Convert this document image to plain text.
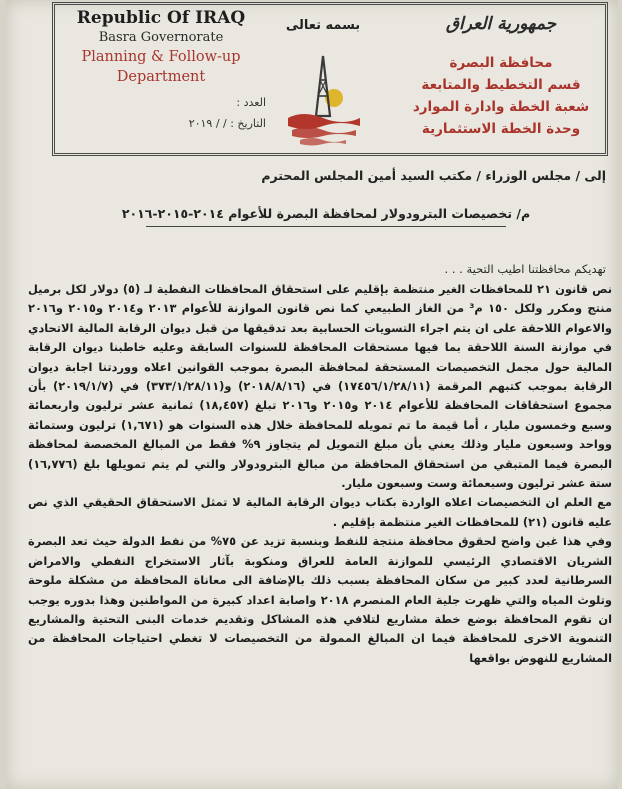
Republic Of IRAQ
Basra Governorate
Planning & Follow-up Department
العدد :
التاريخ : / / ٢٠١٩
بسمه تعالى	جمهورية العراق
محافظة البصرة
قسم التخطيط والمتابعة
شعبة الخطة وادارة الموارد
وحدة الخطة الاستثمارية
إلى / مجلس الوزراء / مكتب السيد أمين المجلس المحترم
م/ تخصيصات البترودولار لمحافظة البصرة للأعوام ٢٠١٤-٢٠١٥-٢٠١٦
تهديكم محافظتنا اطيب التحية . . .

نص قانون ٢١ للمحافظات الغير منتظمة بإقليم على استحقاق المحافظات النفطية لـ (٥) دولار لكل برميل منتج ومكرر ولكل ١٥٠ م³ من الغاز الطبيعي كما نص قانون الموازنة للأعوام ٢٠١٣ و٢٠١٤ و٢٠١٥ و٢٠١٦ والاعوام اللاحقة على ان يتم اجراء التسويات الحسابية بعد تدقيقها من قبل ديوان الرقابة المالية الاتحادي في موازنة السنة اللاحقة بما فيها مستحقات المحافظة للسنوات السابقة وعليه خاطبنا ديوان الرقابة المالية حول مجمل التخصيصات المستحقة لمحافظة البصرة بموجب القوانين اعلاه ووردتنا اجابة ديوان الرقابة بموجب كتبهم المرقمة (١٧٤٥٦/١/٢٨/١١) في (٢٠١٨/٨/١٦) و(٣٧٣/١/٢٨/١١) في (٢٠١٩/١/٧) بأن مجموع استحقاقات المحافظة للأعوام ٢٠١٤ و٢٠١٥ و٢٠١٦ تبلغ (١٨,٤٥٧) ثمانية عشر ترليون واربعمائة وسبع وخمسون مليار ، أما قيمة ما تم تمويله للمحافظة خلال هذه السنوات هو (١,٦٧١) ترليون وستمائة وواحد وسبعون مليار وذلك يعني بأن مبلغ التمويل لم يتجاوز ٩% فقط من المبالغ المخصصة لمحافظة البصرة فيما المتبقي من استحقاق المحافظة من مبالغ البترودولار والتي لم يتم تمويلها بلغ (١٦,٧٧٦) ستة عشر ترليون وسبعمائة وست وسبعون مليار.

مع العلم ان التخصيصات اعلاه الواردة بكتاب ديوان الرقابة المالية لا تمثل الاستحقاق الحقيقي الذي نص عليه قانون (٢١) للمحافظات الغير منتظمة بإقليم .

وفي هذا غبن واضح لحقوق محافظة منتجة للنفط وبنسبة تزيد عن ٧٥% من نفط الدولة حيث تعد البصرة الشريان الاقتصادي الرئيسي للموازنة العامة للعراق ومنكوبة بآثار الاستخراج النفطي والامراض السرطانية لعدد كبير من سكان المحافظة بسبب ذلك بالإضافة الى معاناة المحافظة من مشكلة ملوحة وتلوث المياه والتي ظهرت جلية العام المنصرم ٢٠١٨ واصابة اعداد كبيرة من المواطنين وهذا بدوره يوجب ان تقوم المحافظة بوضع خطة مشاريع لتلافي هذه المشاكل وتقديم خدمات البنى التحتية والمشاريع التنموية الاخرى للمحافظة فيما ان المبالغ الممولة من التخصيصات لا تغطي احتياجات المحافظة من المشاريع للنهوض بواقعها
